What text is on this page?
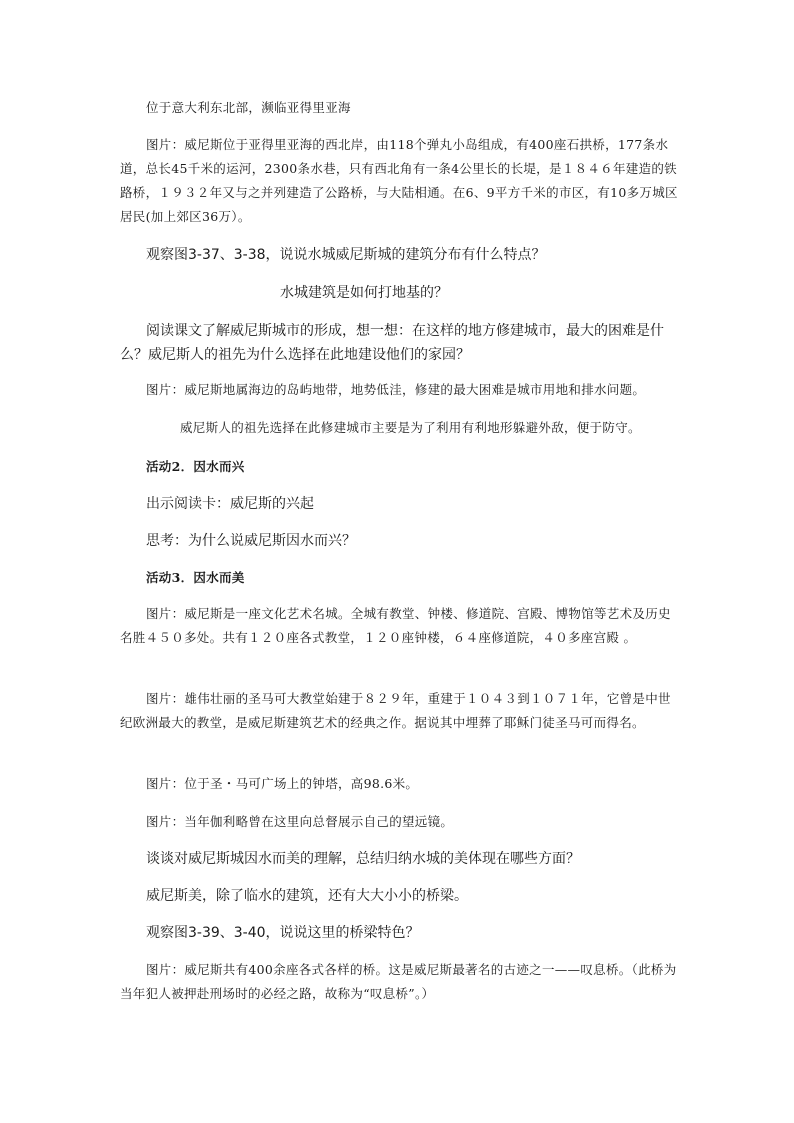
位于意大利东北部，濒临亚得里亚海

图片：威尼斯位于亚得里亚海的西北岸，由118个弹丸小岛组成，有400座石拱桥，177条水道，总长45千米的运河，2300条水巷，只有西北角有一条4公里长的长堤，是１８４６年建造的铁路桥，１９３２年又与之并列建造了公路桥，与大陆相通。在6、9平方千米的市区，有10多万城区居民(加上郊区36万）。

观察图3-37、3-38，说说水城威尼斯城的建筑分布有什么特点？

水城建筑是如何打地基的？

阅读课文了解威尼斯城市的形成，想一想：在这样的地方修建城市，最大的困难是什么？威尼斯人的祖先为什么选择在此地建设他们的家园？

图片：威尼斯地属海边的岛屿地带，地势低洼，修建的最大困难是城市用地和排水问题。

威尼斯人的祖先选择在此修建城市主要是为了利用有利地形躲避外敌，便于防守。

活动2．因水而兴

出示阅读卡：威尼斯的兴起

思考：为什么说威尼斯因水而兴？

活动3．因水而美

图片：威尼斯是一座文化艺术名城。全城有教堂、钟楼、修道院、宫殿、博物馆等艺术及历史名胜４５０多处。共有１２０座各式教堂，１２０座钟楼，６４座修道院，４０多座宫殿 。

图片：雄伟壮丽的圣马可大教堂始建于８２９年，重建于１０４３到１０７１年，它曾是中世纪欧洲最大的教堂，是威尼斯建筑艺术的经典之作。据说其中埋葬了耶稣门徒圣马可而得名。

图片：位于圣・马可广场上的钟塔，高98.6米。

图片：当年伽利略曾在这里向总督展示自己的望远镜。

谈谈对威尼斯城因水而美的理解，总结归纳水城的美体现在哪些方面？

威尼斯美，除了临水的建筑，还有大大小小的桥梁。

观察图3-39、3-40，说说这里的桥梁特色？

图片：威尼斯共有400余座各式各样的桥。这是威尼斯最著名的古迹之一——叹息桥。（此桥为当年犯人被押赴刑场时的必经之路，故称为“叹息桥”。）
